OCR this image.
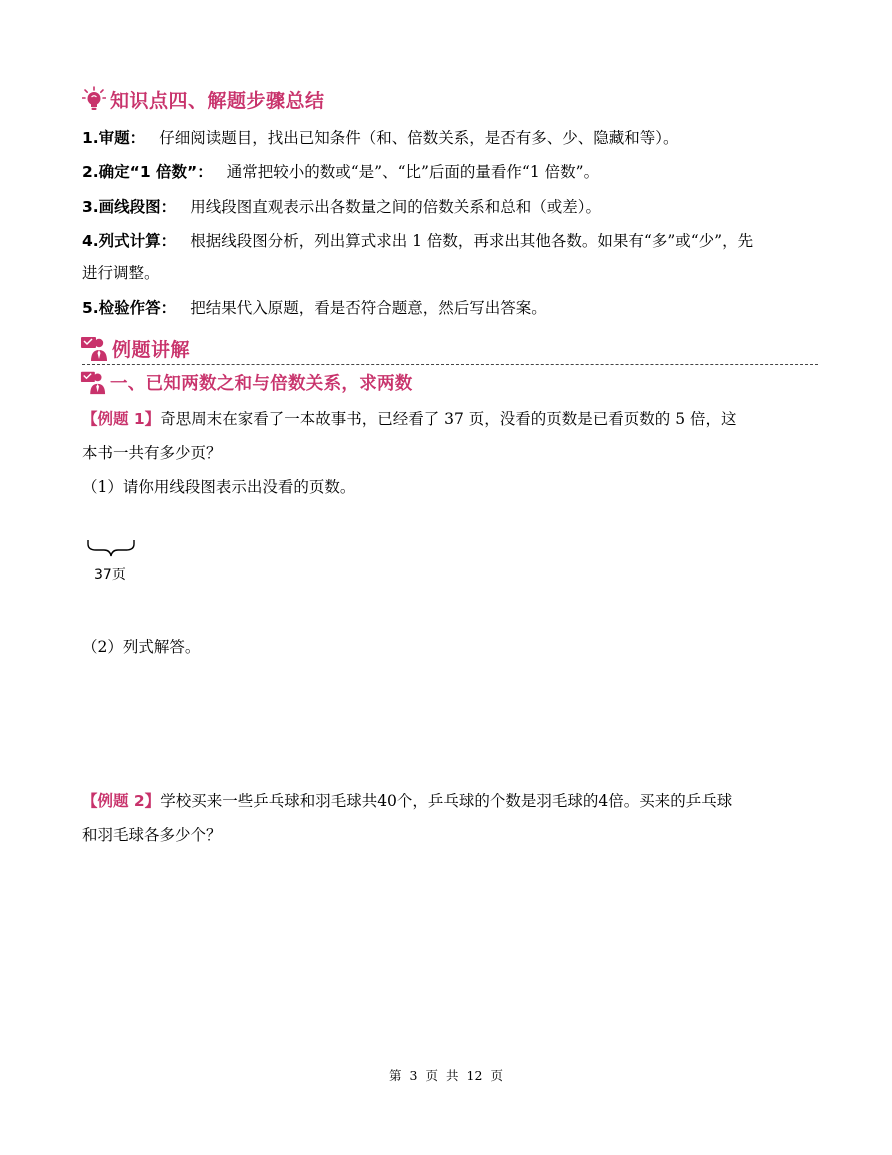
知识点四、解题步骤总结
1.审题： 仔细阅读题目，找出已知条件（和、倍数关系，是否有多、少、隐藏和等）。
2.确定“1 倍数”： 通常把较小的数或“是”、“比”后面的量看作“1 倍数”。
3.画线段图： 用线段图直观表示出各数量之间的倍数关系和总和（或差）。
4.列式计算： 根据线段图分析，列出算式求出 1 倍数，再求出其他各数。如果有“多”或“少”，先
进行调整。
5.检验作答： 把结果代入原题，看是否符合题意，然后写出答案。
例题讲解
一、已知两数之和与倍数关系，求两数
【例题 1】奇思周末在家看了一本故事书，已经看了 37 页，没看的页数是已看页数的 5 倍，这
本书一共有多少页？
（1）请你用线段图表示出没看的页数。
37页
（2）列式解答。
【例题 2】学校买来一些乒乓球和羽毛球共40个，乒乓球的个数是羽毛球的4倍。买来的乒乓球
和羽毛球各多少个？
第 3 页 共 12 页
